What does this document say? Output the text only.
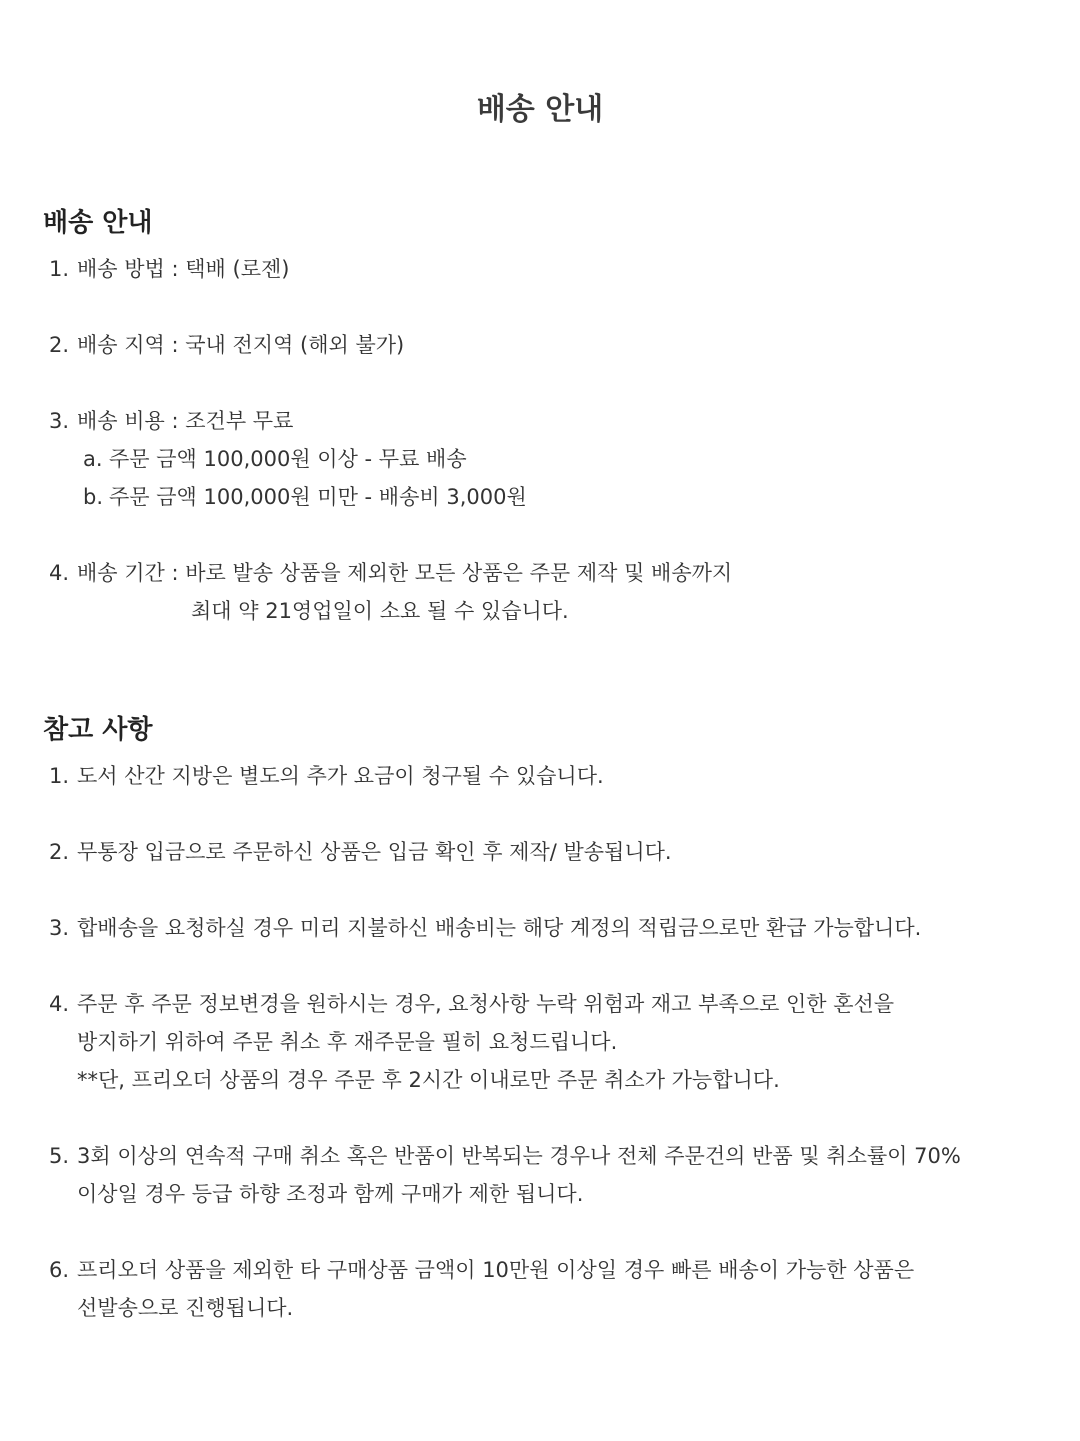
배송 안내
배송 안내
1. 배송 방법 : 택배 (로젠)
2. 배송 지역 : 국내 전지역 (해외 불가)
3. 배송 비용 : 조건부 무료
a. 주문 금액 100,000원 이상 - 무료 배송
b. 주문 금액 100,000원 미만 - 배송비 3,000원
4. 배송 기간 : 바로 발송 상품을 제외한 모든 상품은 주문 제작 및 배송까지
최대 약 21영업일이 소요 될 수 있습니다.
참고 사항
1. 도서 산간 지방은 별도의 추가 요금이 청구될 수 있습니다.
2. 무통장 입금으로 주문하신 상품은 입금 확인 후 제작/ 발송됩니다.
3. 합배송을 요청하실 경우 미리 지불하신 배송비는 해당 계정의 적립금으로만 환급 가능합니다.
4. 주문 후 주문 정보변경을 원하시는 경우, 요청사항 누락 위험과 재고 부족으로 인한 혼선을
방지하기 위하여 주문 취소 후 재주문을 필히 요청드립니다.
**단, 프리오더 상품의 경우 주문 후 2시간 이내로만 주문 취소가 가능합니다.
5. 3회 이상의 연속적 구매 취소 혹은 반품이 반복되는 경우나 전체 주문건의 반품 및 취소률이 70%
이상일 경우 등급 하향 조정과 함께 구매가 제한 됩니다.
6. 프리오더 상품을 제외한 타 구매상품 금액이 10만원 이상일 경우 빠른 배송이 가능한 상품은
선발송으로 진행됩니다.
